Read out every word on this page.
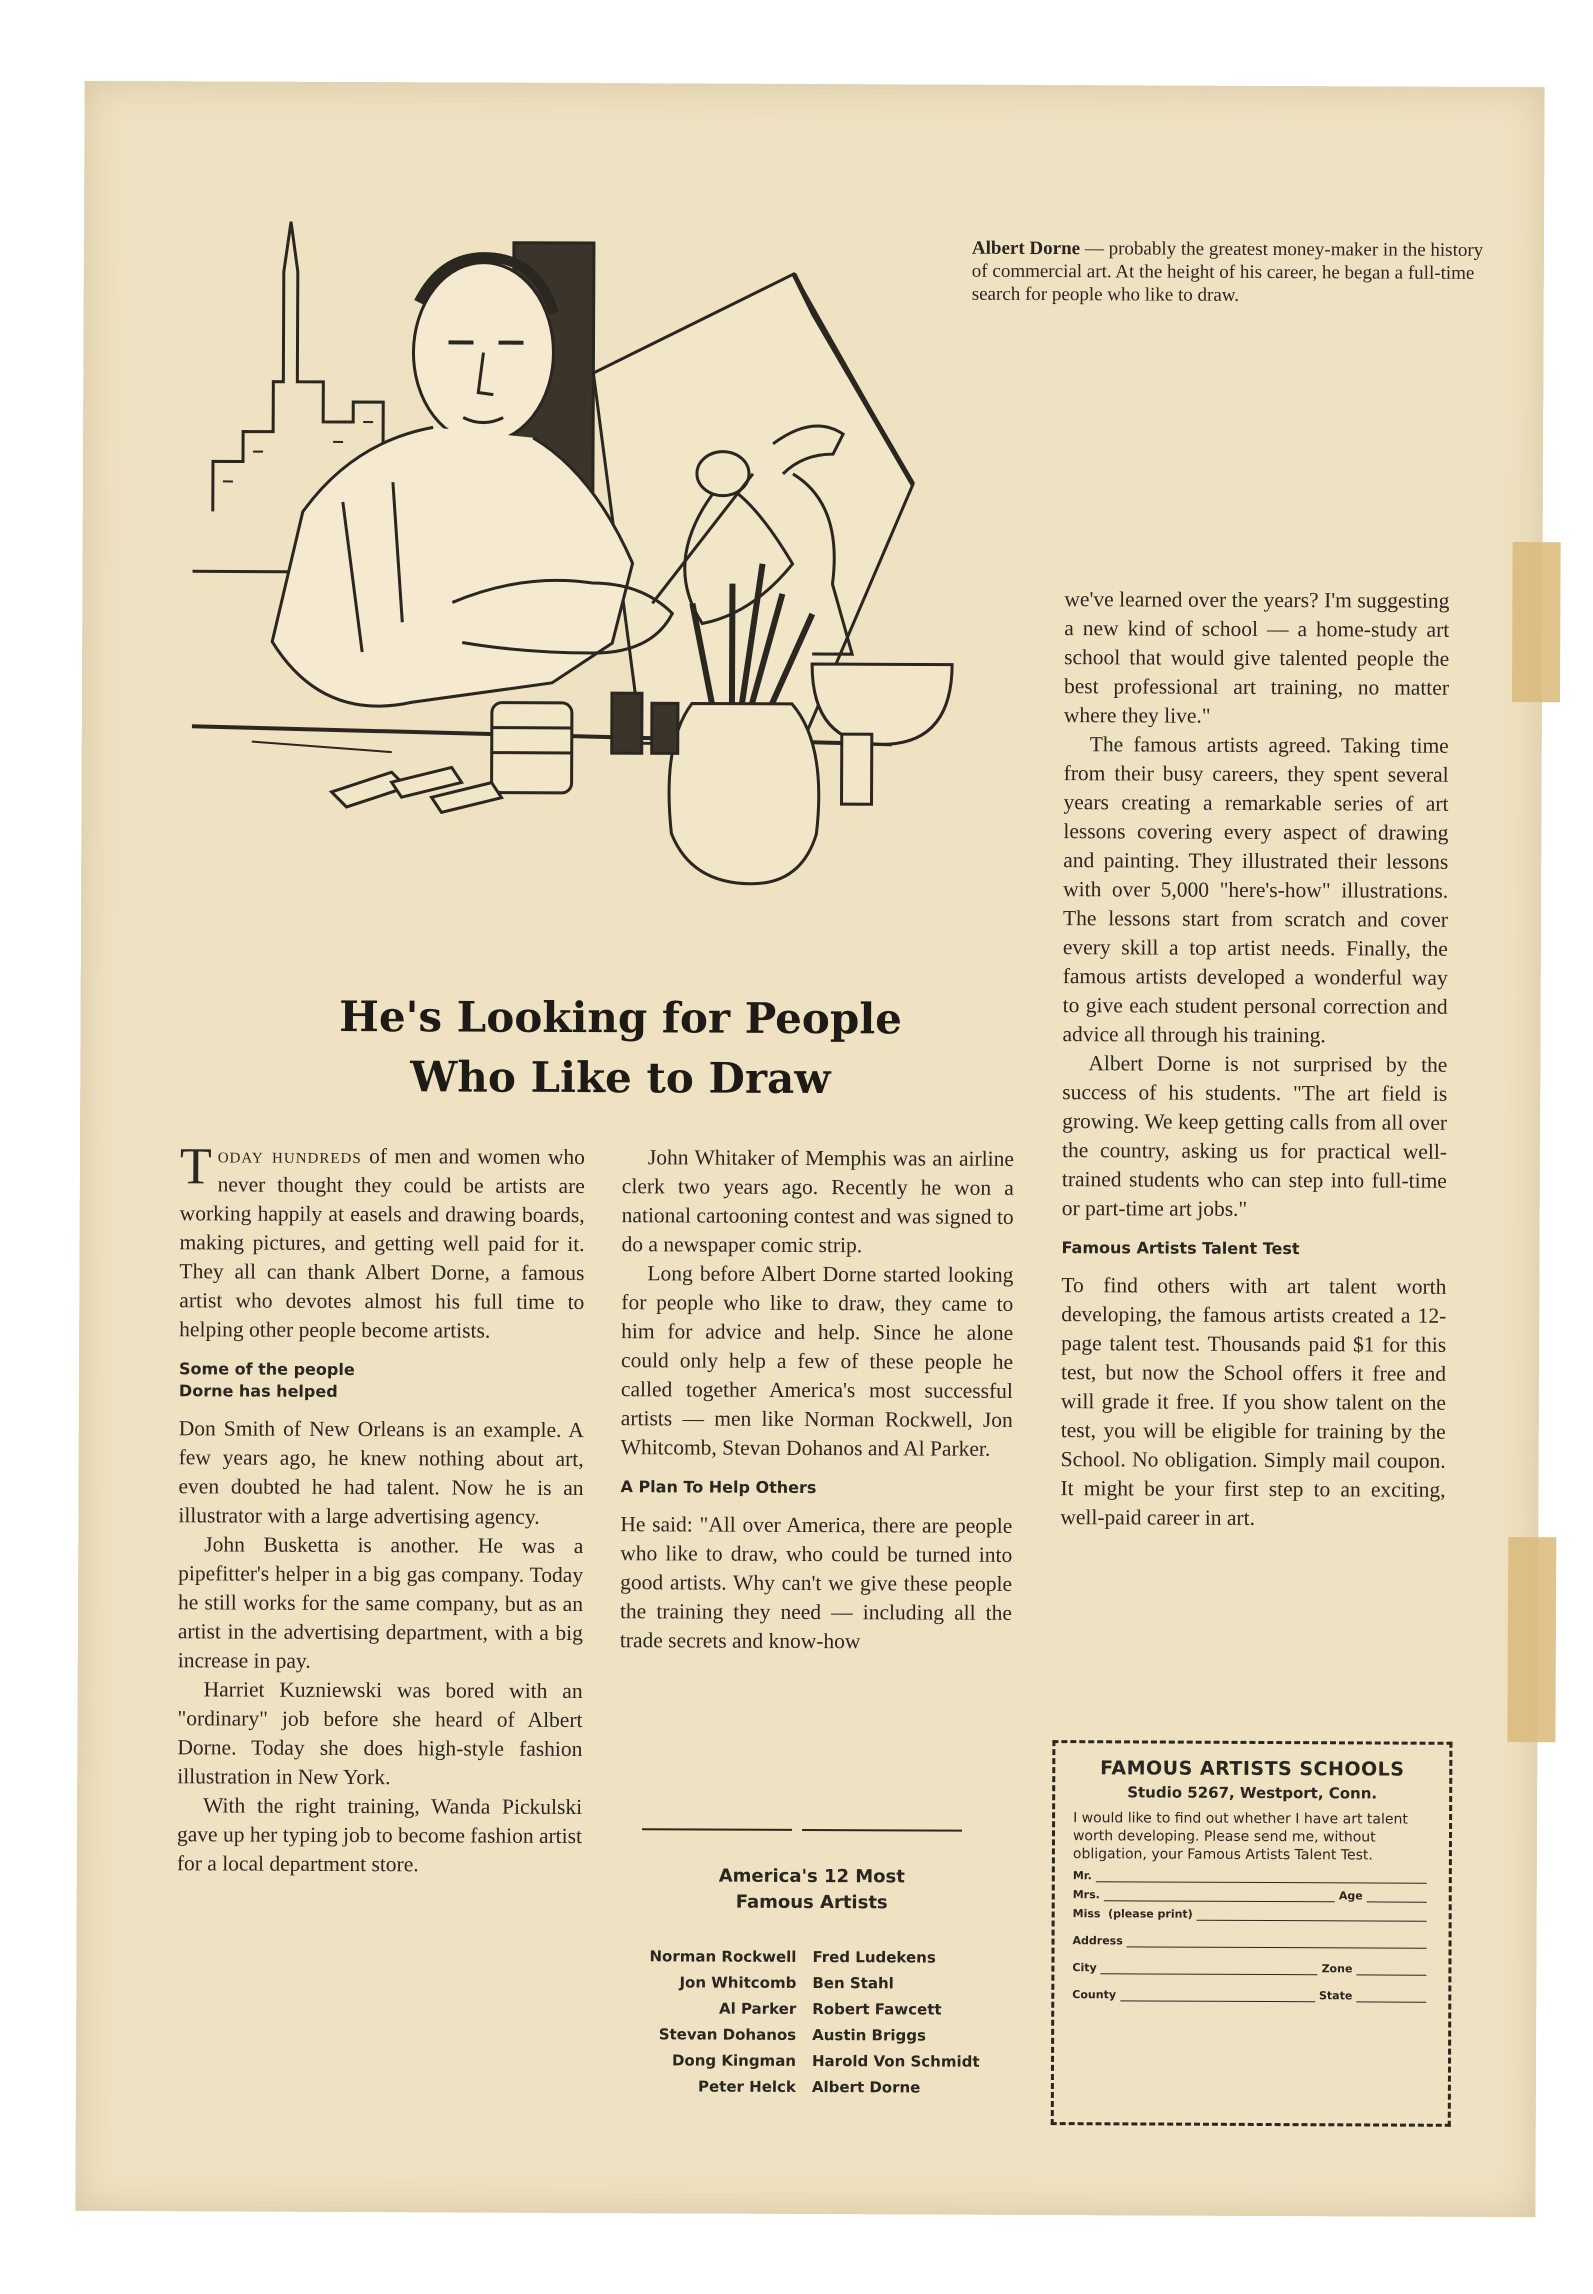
Albert Dorne — probably the greatest money-maker in the history of commercial art. At the height of his career, he began a full-time search for people who like to draw.
He's Looking for People
Who Like to Draw

Today hundreds of men and women who never thought they could be artists are working happily at easels and drawing boards, making pictures, and getting well paid for it. They all can thank Albert Dorne, a famous artist who devotes almost his full time to helping other people become artists.

Some of the people
Dorne has helped

Don Smith of New Orleans is an example. A few years ago, he knew nothing about art, even doubted he had talent. Now he is an illustrator with a large advertising agency.

John Busketta is another. He was a pipefitter's helper in a big gas company. Today he still works for the same company, but as an artist in the advertising department, with a big increase in pay.

Harriet Kuzniewski was bored with an "ordinary" job before she heard of Albert Dorne. Today she does high-style fashion illustration in New York.

With the right training, Wanda Pickulski gave up her typing job to become fashion artist for a local department store.

John Whitaker of Memphis was an airline clerk two years ago. Recently he won a national cartooning contest and was signed to do a newspaper comic strip.

Long before Albert Dorne started looking for people who like to draw, they came to him for advice and help. Since he alone could only help a few of these people he called together America's most successful artists — men like Norman Rockwell, Jon Whitcomb, Stevan Dohanos and Al Parker.

A Plan To Help Others

He said: "All over America, there are people who like to draw, who could be turned into good artists. Why can't we give these people the training they need — including all the trade secrets and know-how

we've learned over the years? I'm suggesting a new kind of school — a home-study art school that would give talented people the best professional art training, no matter where they live."

The famous artists agreed. Taking time from their busy careers, they spent several years creating a remarkable series of art lessons covering every aspect of drawing and painting. They illustrated their lessons with over 5,000 "here's-how" illustrations. The lessons start from scratch and cover every skill a top artist needs. Finally, the famous artists developed a wonderful way to give each student personal correction and advice all through his training.

Albert Dorne is not surprised by the success of his students. "The art field is growing. We keep getting calls from all over the country, asking us for practical well-trained students who can step into full-time or part-time art jobs."

Famous Artists Talent Test

To find others with art talent worth developing, the famous artists created a 12-page talent test. Thousands paid $1 for this test, but now the School offers it free and will grade it free. If you show talent on the test, you will be eligible for training by the School. No obligation. Simply mail coupon. It might be your first step to an exciting, well-paid career in art.

America's 12 Most
Famous Artists
Norman Rockwell	Fred Ludekens
Jon Whitcomb	Ben Stahl
Al Parker	Robert Fawcett
Stevan Dohanos	Austin Briggs
Dong Kingman	Harold Von Schmidt
Peter Helck	Albert Dorne
FAMOUS ARTISTS SCHOOLS
Studio 5267, Westport, Conn.
I would like to find out whether I have art talent worth developing. Please send me, without obligation, your Famous Artists Talent Test.
Mr.
Mrs.	Age
Miss
(please print)
Address
City	Zone
County	State
